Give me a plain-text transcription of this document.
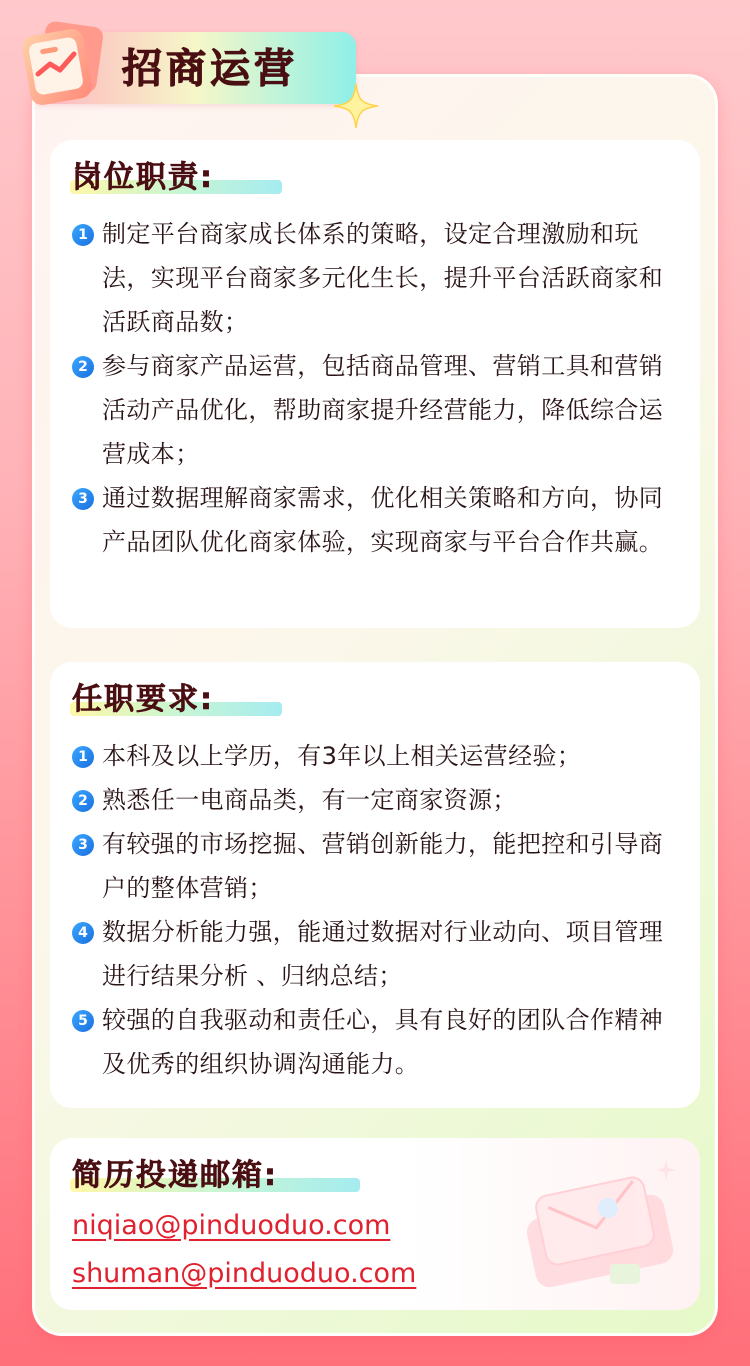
招商运营
岗位职责:
1 制定平台商家成长体系的策略，设定合理激励和玩法，实现平台商家多元化生长，提升平台活跃商家和活跃商品数；
2 参与商家产品运营，包括商品管理、营销工具和营销活动产品优化，帮助商家提升经营能力，降低综合运营成本；
3 通过数据理解商家需求，优化相关策略和方向，协同产品团队优化商家体验，实现商家与平台合作共赢。
任职要求:
1 本科及以上学历，有3年以上相关运营经验；
2 熟悉任一电商品类，有一定商家资源；
3 有较强的市场挖掘、营销创新能力，能把控和引导商户的整体营销；
4 数据分析能力强，能通过数据对行业动向、项目管理进行结果分析 、归纳总结；
5 较强的自我驱动和责任心，具有良好的团队合作精神及优秀的组织协调沟通能力。
简历投递邮箱:
niqiao@pinduoduo.com
shuman@pinduoduo.com
